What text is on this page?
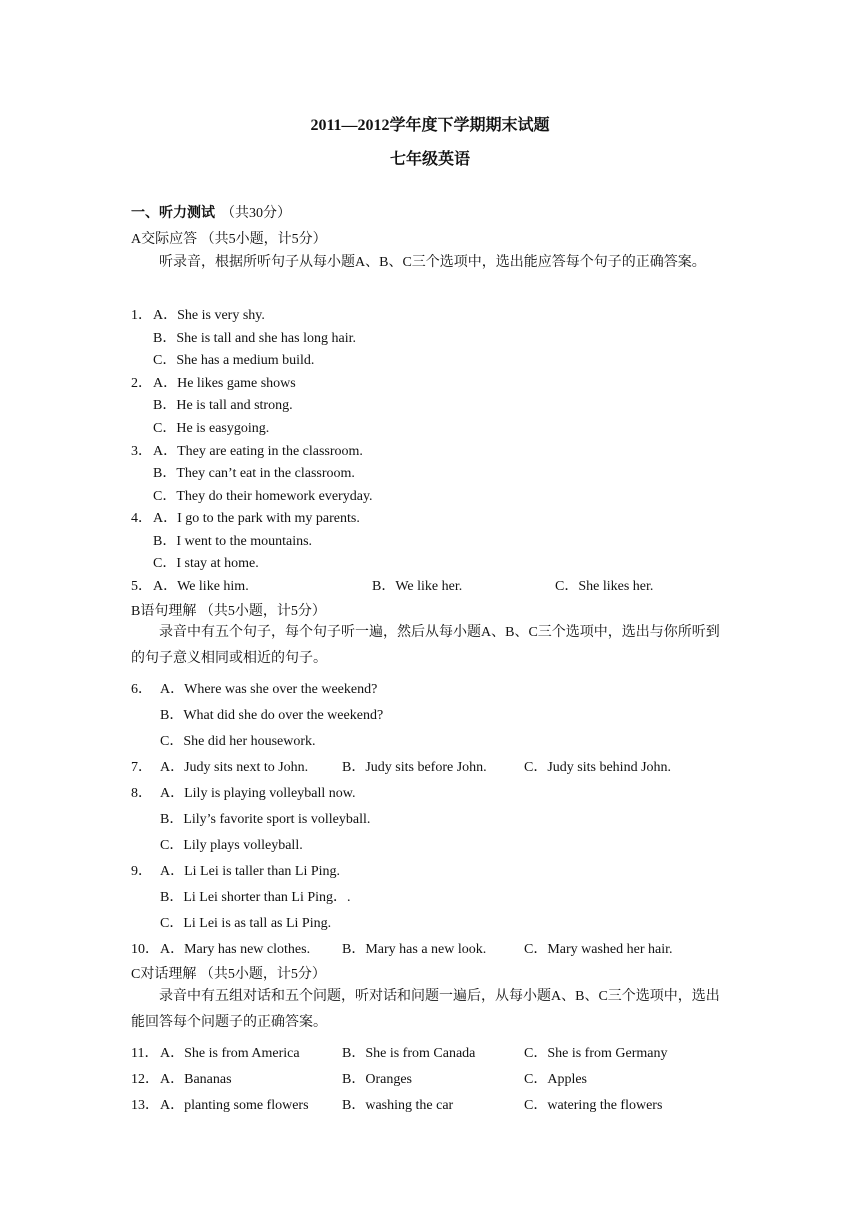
2011—2012学年度下学期期末试题
七年级英语
一、听力测试 （共30分）
A交际应答 （共5小题，计5分）
听录音，根据所听句子从每小题A、B、C三个选项中，选出能应答每个句子的正确答案。
1． A．She is very shy.
B．She is tall and she has long hair.
C．She has a medium build.
2． A．He likes game shows
B．He is tall and strong.
C．He is easygoing.
3． A．They are eating in the classroom.
B．They can’t eat in the classroom.
C．They do their homework everyday.
4． A．I go to the park with my parents.
B．I went to the mountains.
C．I stay at home.
5． A．We like him.	B．We like her.	C．She likes her.
B语句理解 （共5小题，计5分）
录音中有五个句子，每个句子听一遍，然后从每小题A、B、C三个选项中，选出与你所听到的句子意义相同或相近的句子。
6． A．Where was she over the weekend?
B．What did she do over the weekend?
C．She did her housework.
7． A．Judy sits next to John. B．Judy sits before John.	C．Judy sits behind John.
8． A．Lily is playing volleyball now.
B．Lily’s favorite sport is volleyball.
C．Lily plays volleyball.
9． A．Li Lei is taller than Li Ping.
B．Li Lei shorter than Li Ping．.
C．Li Lei is as tall as Li Ping.
10． A．Mary has new clothes. B．Mary has a new look.	C．Mary washed her hair.
C对话理解 （共5小题，计5分）
录音中有五组对话和五个问题，听对话和问题一遍后，从每小题A、B、C三个选项中，选出能回答每个问题子的正确答案。
11． A．She is from America	B．She is from Canada	C．She is from Germany
12． A．Bananas	B．Oranges	C．Apples
13． A．planting some flowers B．washing the car	C．watering the flowers
